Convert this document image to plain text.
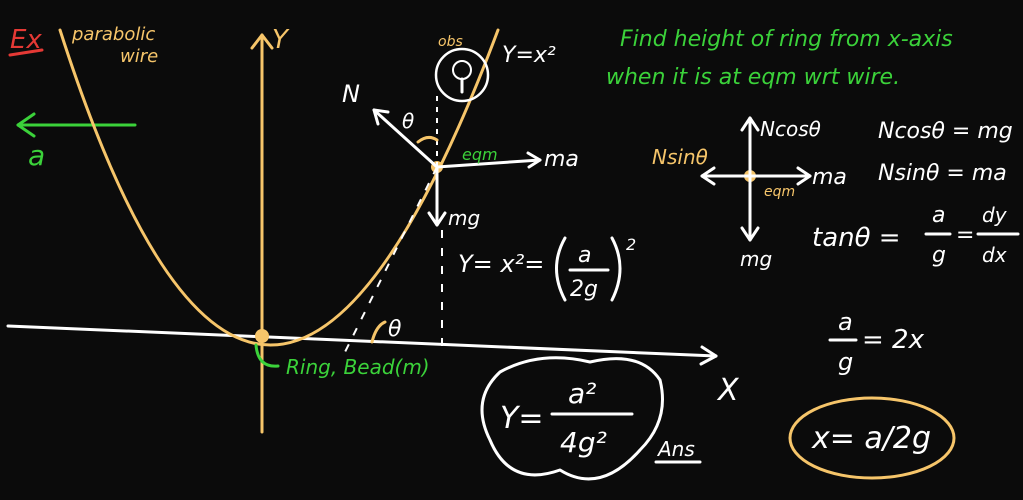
Ex parabolic
wire
a
Y
X
Y=x²
Ring, Bead(m)
obs
N
θ
eqm ma
mg
θ
Y= x²= a
2g
2
Y=
a²
4g²	Ans
Find height of ring from x-axis
when it is at eqm wrt wire.
Ncosθ
Nsinθ
ma
eqm
mg
Ncosθ = mg
Nsinθ = ma
tanθ =
a
g
=
dy
dx
a
g
= 2x
x= a/2g
